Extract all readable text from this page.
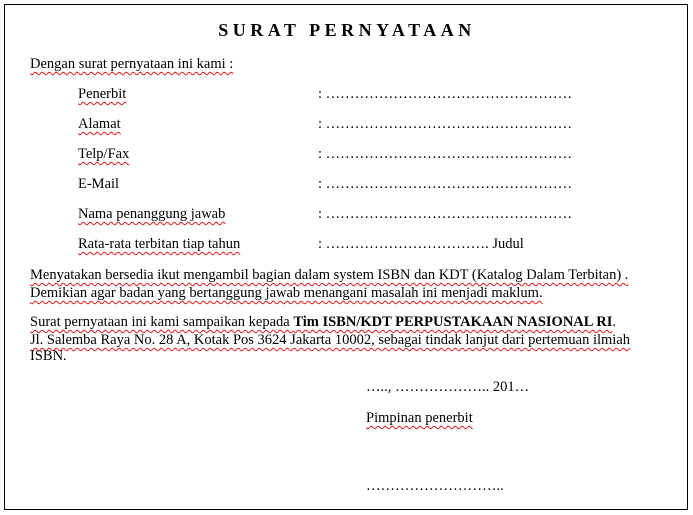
SURAT PERNYATAAN
Dengan surat pernyataan ini kami :
Penerbit	: ……………………………………………
Alamat	: ……………………………………………
Telp/Fax	: ……………………………………………
E-Mail	: ……………………………………………
Nama penanggung jawab	: ……………………………………………
Rata-rata terbitan tiap tahun	: ……………………………. Judul
Menyatakan bersedia ikut mengambil bagian dalam system ISBN dan KDT (Katalog Dalam Terbitan) .
Demikian agar badan yang bertanggung jawab menangani masalah ini menjadi maklum.
Surat pernyataan ini kami sampaikan kepada Tim ISBN/KDT PERPUSTAKAAN NASIONAL RI.
Jl. Salemba Raya No. 28 A, Kotak Pos 3624 Jakarta 10002, sebagai tindak lanjut dari pertemuan ilmiah
ISBN.
….., ……………….. 201…
Pimpinan penerbit
………………………..
